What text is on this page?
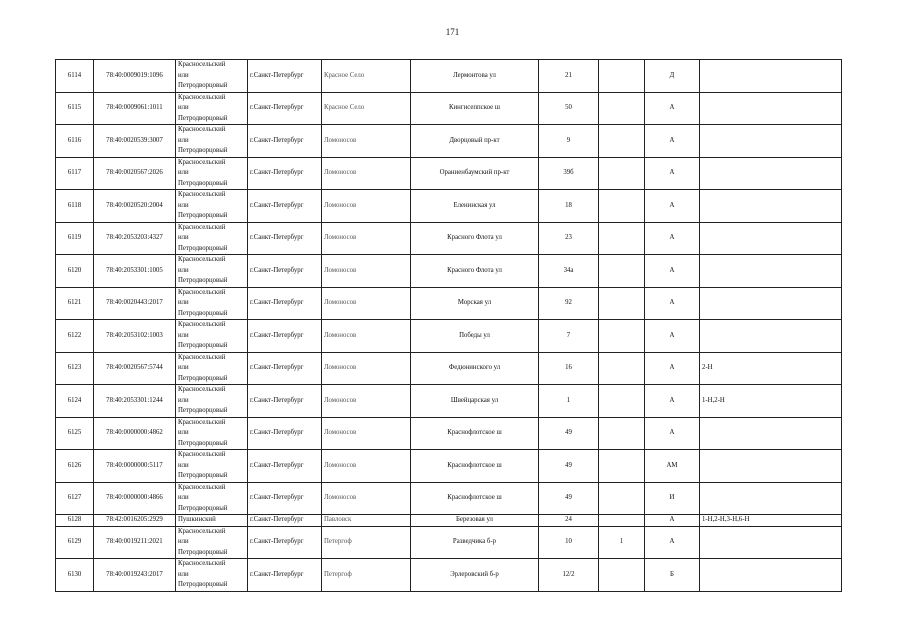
171
6114	78:40:0009019:1096	Красносельский
или
Петродворцовый	г.Санкт-Петербург	Красное Село	Лермонтова ул	21		Д	
6115	78:40:0009061:1011	Красносельский
или
Петродворцовый	г.Санкт-Петербург	Красное Село	Кингисеппское ш	50		А	
6116	78:40:0020539:3007	Красносельский
или
Петродворцовый	г.Санкт-Петербург	Ломоносов	Дворцовый пр-кт	9		А	
6117	78:40:0020567:2026	Красносельский
или
Петродворцовый	г.Санкт-Петербург	Ломоносов	Ораниенбаумский пр-кт	39б		А	
6118	78:40:0020520:2004	Красносельский
или
Петродворцовый	г.Санкт-Петербург	Ломоносов	Еленинская ул	18		А	
6119	78:40:2053203:4327	Красносельский
или
Петродворцовый	г.Санкт-Петербург	Ломоносов	Красного Флота ул	23		А	
6120	78:40:2053301:1005	Красносельский
или
Петродворцовый	г.Санкт-Петербург	Ломоносов	Красного Флота ул	34а		А	
6121	78:40:0020443:2017	Красносельский
или
Петродворцовый	г.Санкт-Петербург	Ломоносов	Морская ул	92		А	
6122	78:40:2053102:1003	Красносельский
или
Петродворцовый	г.Санкт-Петербург	Ломоносов	Победы ул	7		А	
6123	78:40:0020567:5744	Красносельский
или
Петродворцовый	г.Санкт-Петербург	Ломоносов	Федюнинского ул	16		А	2-Н
6124	78:40:2053301:1244	Красносельский
или
Петродворцовый	г.Санкт-Петербург	Ломоносов	Швейцарская ул	1		А	1-Н,2-Н
6125	78:40:0000000:4862	Красносельский
или
Петродворцовый	г.Санкт-Петербург	Ломоносов	Краснофлотское ш	49		А	
6126	78:40:0000000:5117	Красносельский
или
Петродворцовый	г.Санкт-Петербург	Ломоносов	Краснофлотское ш	49		АМ	
6127	78:40:0000000:4866	Красносельский
или
Петродворцовый	г.Санкт-Петербург	Ломоносов	Краснофлотское ш	49		И	
6128	78:42:0016205:2929	Пушкинский	г.Санкт-Петербург	Павловск	Березовая ул	24		А	1-Н,2-Н,3-Н,6-Н
6129	78:40:0019211:2021	Красносельский
или
Петродворцовый	г.Санкт-Петербург	Петергоф	Разведчика б-р	10	1	А	
6130	78:40:0019243:2017	Красносельский
или
Петродворцовый	г.Санкт-Петербург	Петергоф	Эрлеровский б-р	12/2		Б	
